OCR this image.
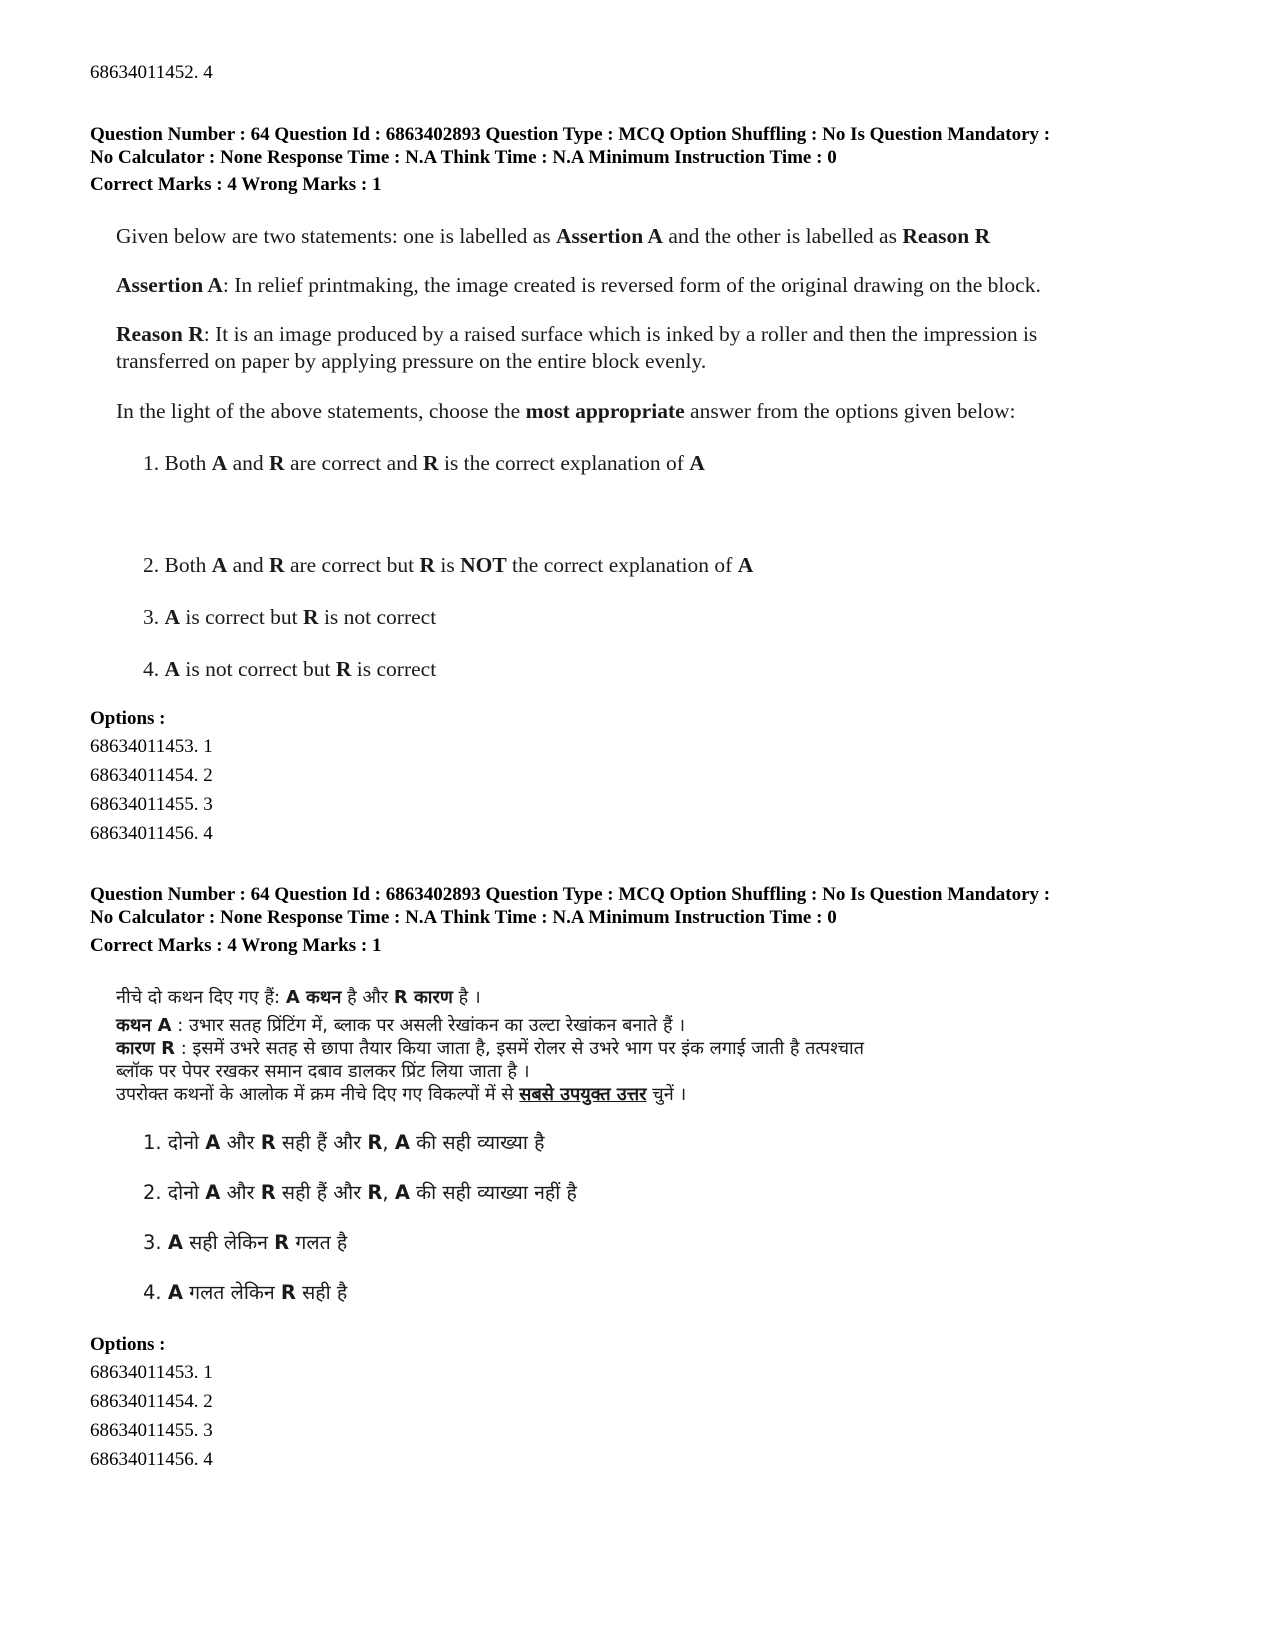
68634011452. 4
Question Number : 64 Question Id : 6863402893 Question Type : MCQ Option Shuffling : No Is Question Mandatory :
No Calculator : None Response Time : N.A Think Time : N.A Minimum Instruction Time : 0
Correct Marks : 4 Wrong Marks : 1
Given below are two statements: one is labelled as Assertion A and the other is labelled as Reason R
Assertion A: In relief printmaking, the image created is reversed form of the original drawing on the block.
Reason R: It is an image produced by a raised surface which is inked by a roller and then the impression is
transferred on paper by applying pressure on the entire block evenly.
In the light of the above statements, choose the most appropriate answer from the options given below:
1. Both A and R are correct and R is the correct explanation of A
2. Both A and R are correct but R is NOT the correct explanation of A
3. A is correct but R is not correct
4. A is not correct but R is correct
Options :
68634011453. 1
68634011454. 2
68634011455. 3
68634011456. 4
Question Number : 64 Question Id : 6863402893 Question Type : MCQ Option Shuffling : No Is Question Mandatory :
No Calculator : None Response Time : N.A Think Time : N.A Minimum Instruction Time : 0
Correct Marks : 4 Wrong Marks : 1
नीचे दो कथन दिए गए हैं: A कथन है और R कारण है ।
कथन A : उभार सतह प्रिंटिंग में, ब्लाक पर असली रेखांकन का उल्टा रेखांकन बनाते हैं ।
कारण R : इसमें उभरे सतह से छापा तैयार किया जाता है, इसमें रोलर से उभरे भाग पर इंक लगाई जाती है तत्पश्चात
ब्लॉक पर पेपर रखकर समान दबाव डालकर प्रिंट लिया जाता है ।
उपरोक्त कथनों के आलोक में क्रम नीचे दिए गए विकल्पों में से सबसे उपयुक्त उत्तर चुनें ।
1. दोनो A और R सही हैं और R, A की सही व्याख्या है
2. दोनो A और R सही हैं और R, A की सही व्याख्या नहीं है
3. A सही लेकिन R गलत है
4. A गलत लेकिन R सही है
Options :
68634011453. 1
68634011454. 2
68634011455. 3
68634011456. 4
